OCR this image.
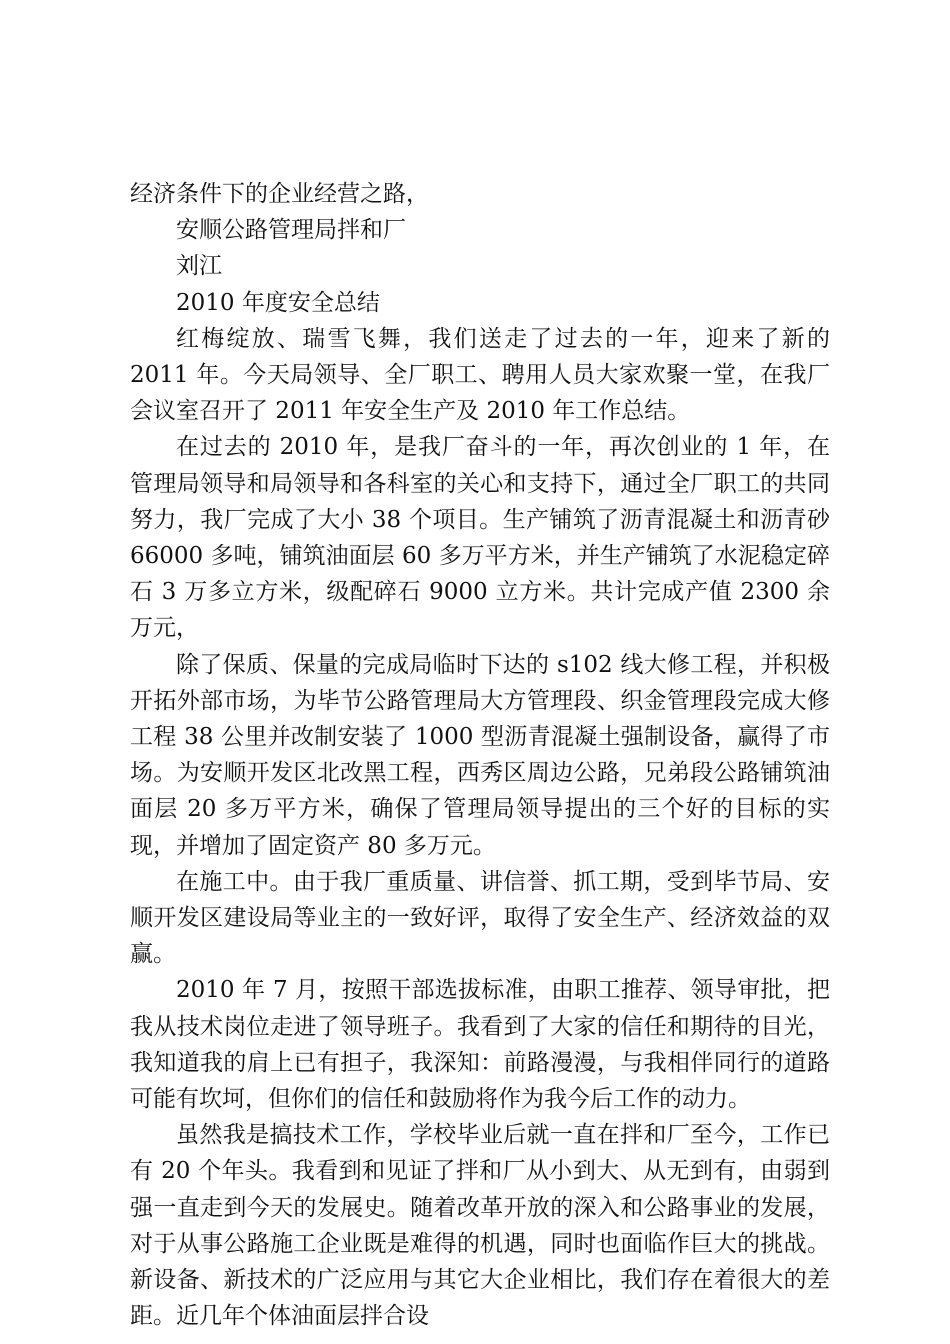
经济条件下的企业经营之路，

安顺公路管理局拌和厂

刘江

2010 年度安全总结

红梅绽放、瑞雪飞舞，我们送走了过去的一年，迎来了新的 2011 年。今天局领导、全厂职工、聘用人员大家欢聚一堂，在我厂会议室召开了 2011 年安全生产及 2010 年工作总结。

在过去的 2010 年，是我厂奋斗的一年，再次创业的 1 年，在管理局领导和局领导和各科室的关心和支持下，通过全厂职工的共同努力，我厂完成了大小 38 个项目。生产铺筑了沥青混凝土和沥青砂 66000 多吨，铺筑油面层 60 多万平方米，并生产铺筑了水泥稳定碎石 3 万多立方米，级配碎石 9000 立方米。共计完成产值 2300 余万元，

除了保质、保量的完成局临时下达的 s102 线大修工程，并积极开拓外部市场，为毕节公路管理局大方管理段、织金管理段完成大修工程 38 公里并改制安装了 1000 型沥青混凝土强制设备，赢得了市场。为安顺开发区北改黑工程，西秀区周边公路，兄弟段公路铺筑油面层 20 多万平方米，确保了管理局领导提出的三个好的目标的实现，并增加了固定资产 80 多万元。

在施工中。由于我厂重质量、讲信誉、抓工期，受到毕节局、安顺开发区建设局等业主的一致好评，取得了安全生产、经济效益的双赢。

2010 年 7 月，按照干部选拔标准，由职工推荐、领导审批，把我从技术岗位走进了领导班子。我看到了大家的信任和期待的目光，我知道我的肩上已有担子，我深知：前路漫漫，与我相伴同行的道路可能有坎坷，但你们的信任和鼓励将作为我今后工作的动力。

虽然我是搞技术工作，学校毕业后就一直在拌和厂至今，工作已有 20 个年头。我看到和见证了拌和厂从小到大、从无到有，由弱到强一直走到今天的发展史。随着改革开放的深入和公路事业的发展，对于从事公路施工企业既是难得的机遇，同时也面临作巨大的挑战。新设备、新技术的广泛应用与其它大企业相比，我们存在着很大的差距。近几年个体油面层拌合设
